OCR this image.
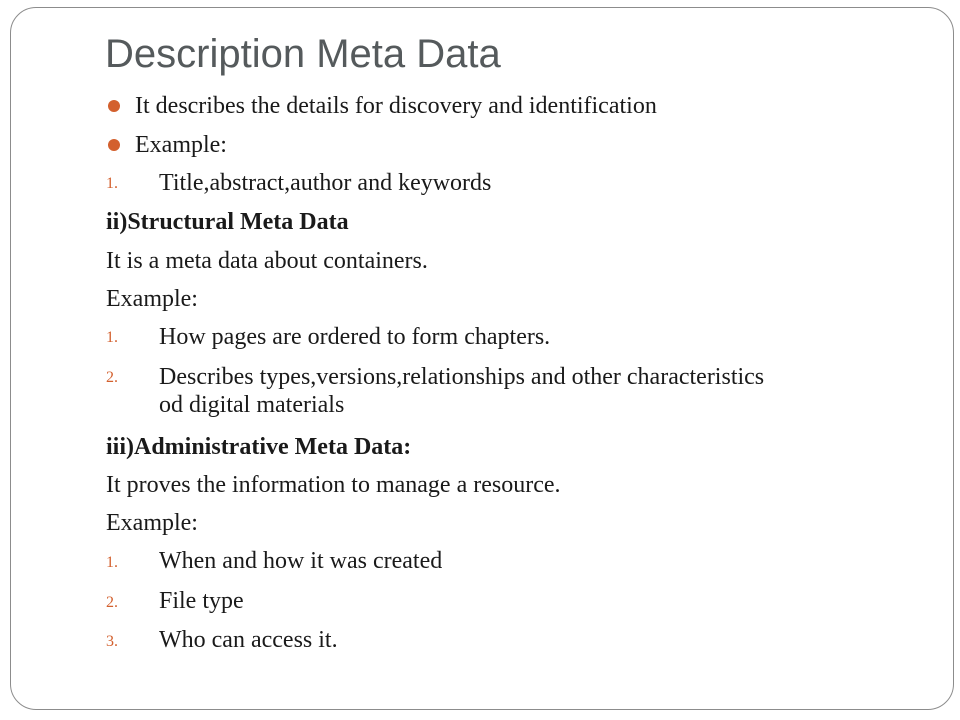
Description Meta Data
It describes the details for discovery and identification
Example:
1. Title,abstract,author and keywords
ii)Structural Meta Data
It is a meta data about containers.
Example:
1. How pages are ordered to form chapters.
2. Describes types,versions,relationships and other characteristics
od digital materials
iii)Administrative Meta Data:
It proves the information to manage a resource.
Example:
1. When and how it was created
2. File type
3. Who can access it.
